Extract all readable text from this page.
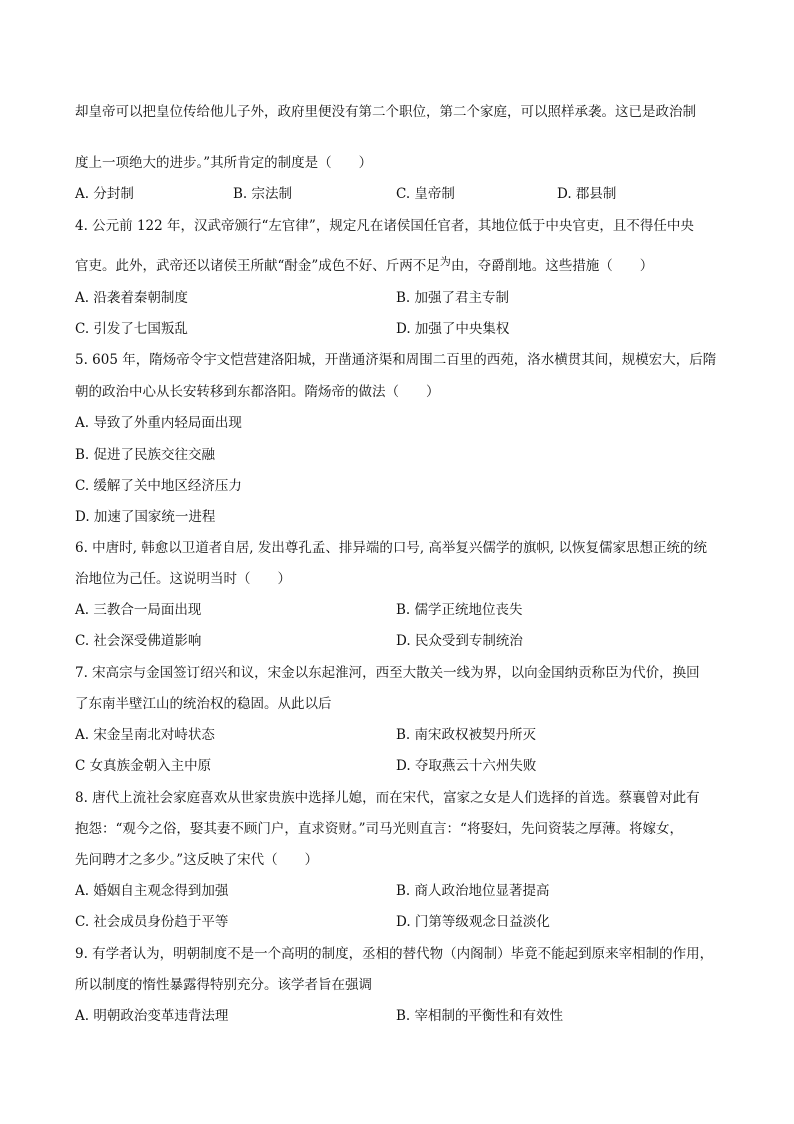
却皇帝可以把皇位传给他儿子外，政府里便没有第二个职位，第二个家庭，可以照样承袭。这已是政治制
度上一项绝大的进步。”其所肯定的制度是（　　）
A. 分封制	B. 宗法制	C. 皇帝制	D. 郡县制
4. 公元前 122 年，汉武帝颁行“左官律”，规定凡在诸侯国任官者，其地位低于中央官吏，且不得任中央
官吏。此外，武帝还以诸侯王所献“酎金”成色不好、斤两不足$^为$由，夺爵削地。这些措施（　　）
A. 沿袭着秦朝制度	B. 加强了君主专制
C. 引发了七国叛乱	D. 加强了中央集权
5. 605 年，隋炀帝令宇文恺营建洛阳城，开凿通济渠和周围二百里的西苑，洛水横贯其间，规模宏大，后隋
朝的政治中心从长安转移到东都洛阳。隋炀帝的做法（　　）
A. 导致了外重内轻局面出现
B. 促进了民族交往交融
C. 缓解了关中地区经济压力
D. 加速了国家统一进程
6. 中唐时, 韩愈以卫道者自居, 发出尊孔孟、排异端的口号, 高举复兴儒学的旗帜, 以恢复儒家思想正统的统
治地位为己任。这说明当时（　　）
A. 三教合一局面出现	B. 儒学正统地位丧失
C. 社会深受佛道影响	D. 民众受到专制统治
7. 宋高宗与金国签订绍兴和议，宋金以东起淮河，西至大散关一线为界，以向金国纳贡称臣为代价，换回
了东南半壁江山的统治权的稳固。从此以后
A. 宋金呈南北对峙状态	B. 南宋政权被契丹所灭
C 女真族金朝入主中原	D. 夺取燕云十六州失败
8. 唐代上流社会家庭喜欢从世家贵族中选择儿媳，而在宋代，富家之女是人们选择的首选。蔡襄曾对此有
抱怨：“观今之俗，娶其妻不顾门户，直求资财。”司马光则直言：“将娶妇，先问资装之厚薄。将嫁女，
先问聘才之多少。”这反映了宋代（　　）
A. 婚姻自主观念得到加强	B. 商人政治地位显著提高
C. 社会成员身份趋于平等	D. 门第等级观念日益淡化
9. 有学者认为，明朝制度不是一个高明的制度，丞相的替代物（内阁制）毕竟不能起到原来宰相制的作用，
所以制度的惰性暴露得特别充分。该学者旨在强调
A. 明朝政治变革违背法理	B. 宰相制的平衡性和有效性
